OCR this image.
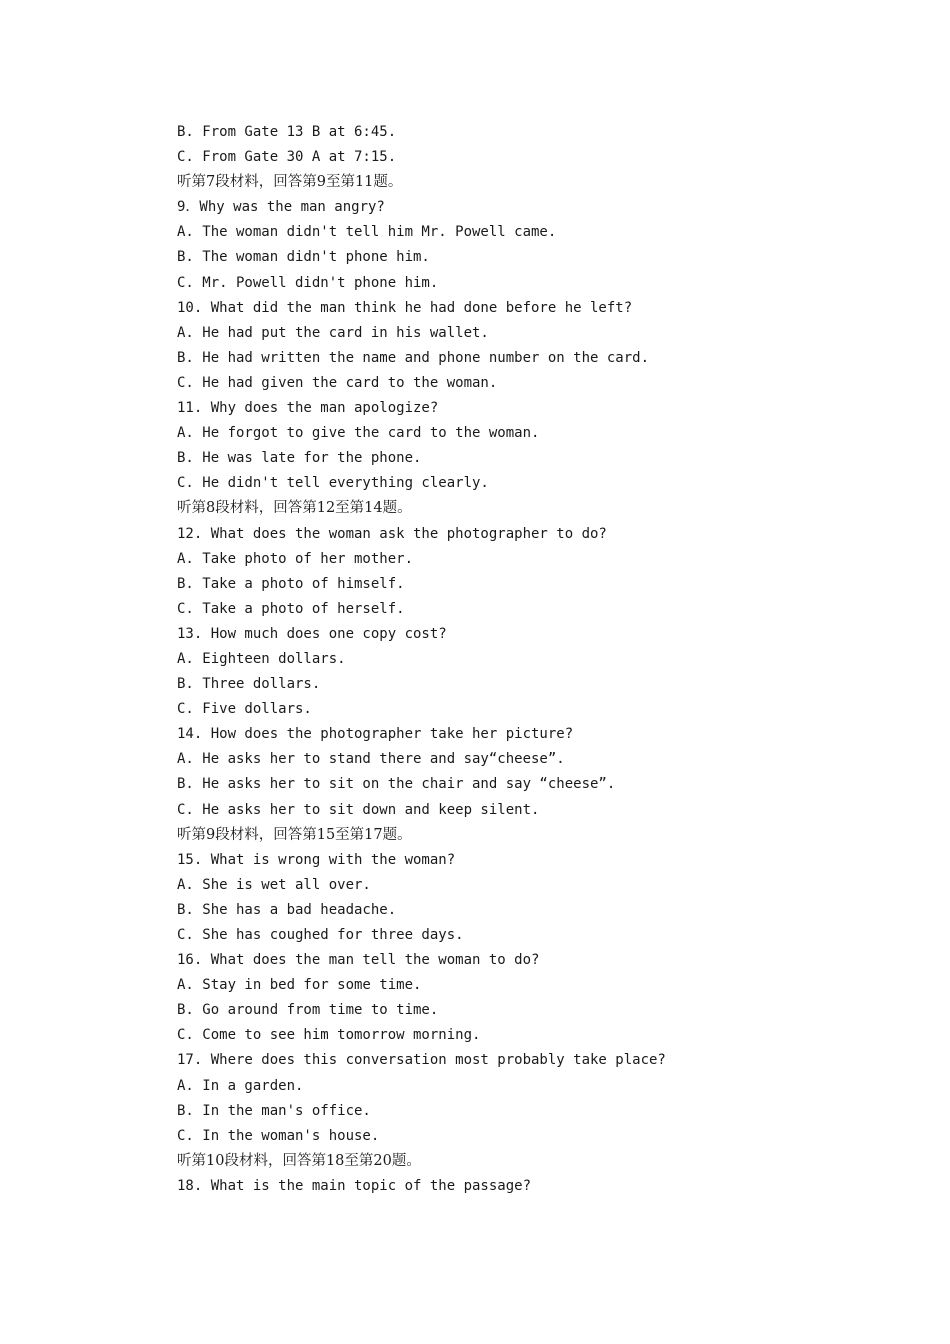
B. From Gate 13 B at 6:45.
C. From Gate 30 A at 7:15.
听第7段材料，回答第9至第11题。
9．Why was the man angry?
A. The woman didn't tell him Mr. Powell came.
B. The woman didn't phone him.
C. Mr. Powell didn't phone him.
10. What did the man think he had done before he left?
A. He had put the card in his wallet.
B. He had written the name and phone number on the card.
C. He had given the card to the woman.
11. Why does the man apologize?
A. He forgot to give the card to the woman.
B. He was late for the phone.
C. He didn't tell everything clearly.
听第8段材料，回答第12至第14题。
12. What does the woman ask the photographer to do?
A. Take photo of her mother.
B. Take a photo of himself.
C. Take a photo of herself.
13. How much does one copy cost?
A. Eighteen dollars.
B. Three dollars.
C. Five dollars.
14. How does the photographer take her picture?
A. He asks her to stand there and say“cheese”.
B. He asks her to sit on the chair and say “cheese”.
C. He asks her to sit down and keep silent.
听第9段材料，回答第15至第17题。
15. What is wrong with the woman?
A. She is wet all over.
B. She has a bad headache.
C. She has coughed for three days.
16. What does the man tell the woman to do?
A. Stay in bed for some time.
B. Go around from time to time.
C. Come to see him tomorrow morning.
17. Where does this conversation most probably take place?
A. In a garden.
B. In the man's office.
C. In the woman's house.
听第10段材料，回答第18至第20题。
18. What is the main topic of the passage?
